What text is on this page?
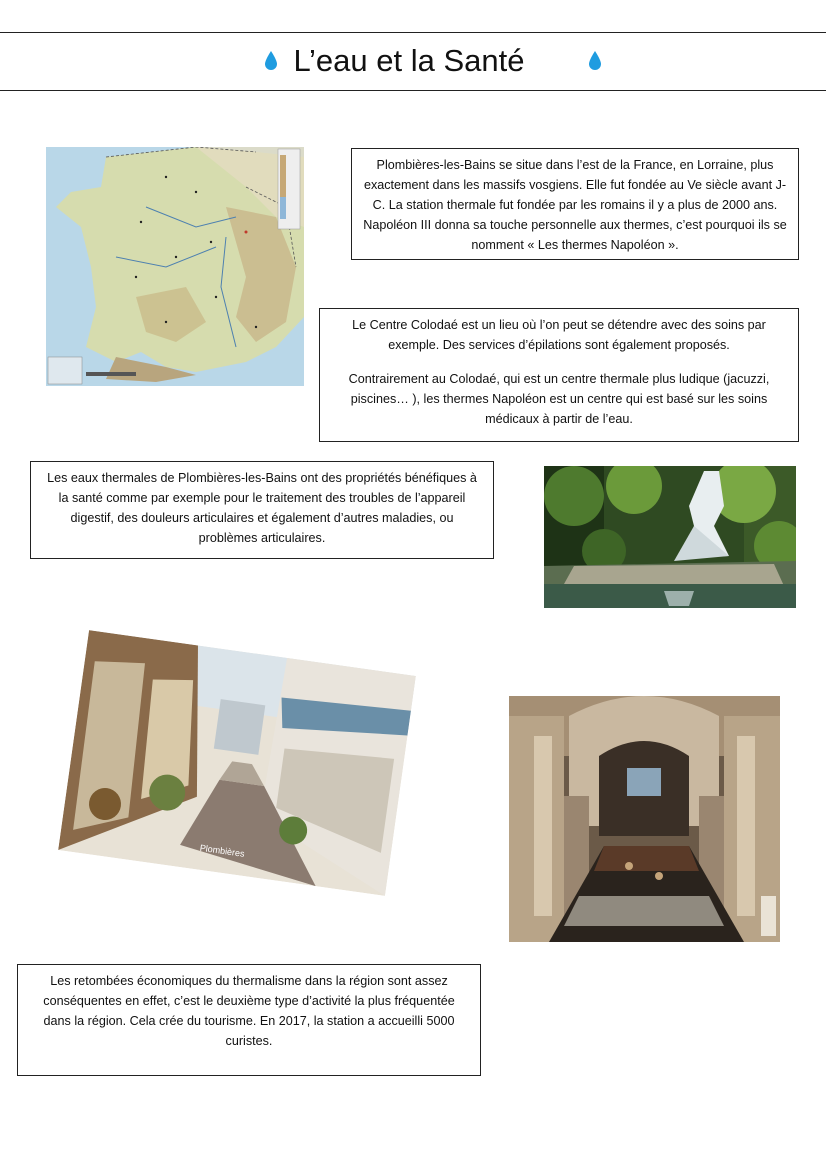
L’eau et la Santé

Plombières-les-Bains se situe dans l’est de la France, en Lorraine, plus exactement dans les massifs vosgiens. Elle fut fondée au Ve siècle avant J-C. La station thermale fut fondée par les romains il y a plus de 2000 ans. Napoléon III donna sa touche personnelle aux thermes, c’est pourquoi ils se nomment « Les thermes Napoléon ».

Le Centre Colodaé est un lieu où l’on peut se détendre avec des soins par exemple. Des services d’épilations sont également proposés.

Contrairement au Colodaé, qui est un centre thermale plus ludique (jacuzzi, piscines… ), les thermes Napoléon est un centre qui est basé sur les soins médicaux à partir de l’eau.

Les eaux thermales de Plombières-les-Bains ont des propriétés bénéfiques à la santé comme par exemple pour le traitement des troubles de l’appareil digestif, des douleurs articulaires et également d’autres maladies, ou problèmes articulaires.

Plombières

Les retombées économiques du thermalisme dans la région sont assez conséquentes en effet, c’est le deuxième type d’activité la plus fréquentée dans la région. Cela crée du tourisme. En 2017, la station a accueilli 5000 curistes.
